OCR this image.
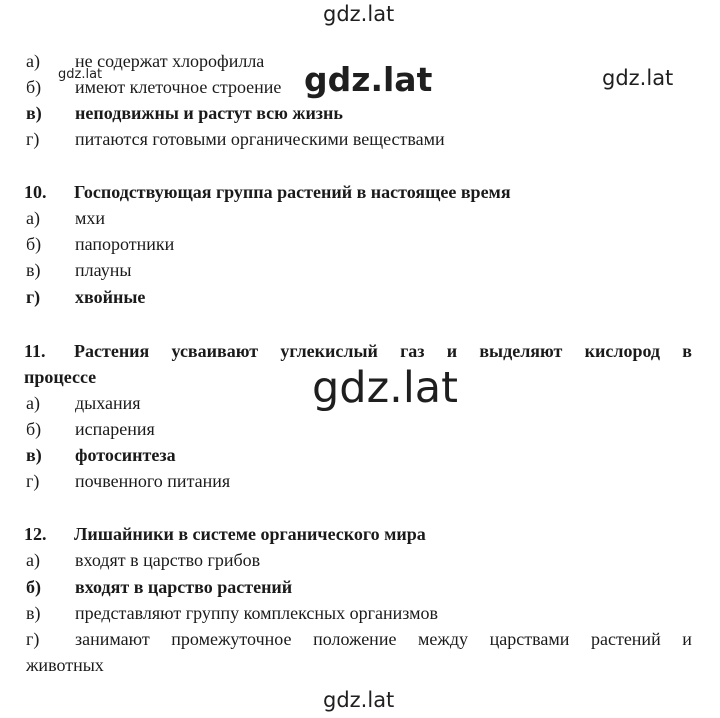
а) не содержат хлорофилла
б) имеют клеточное строение
в) неподвижны и растут всю жизнь
г) питаются готовыми органическими веществами
10. Господствующая группа растений в настоящее время
а) мхи
б) папоротники
в) плауны
г) хвойные
11.	Растения усваивают углекислый газ и выделяют кислород в
процессе
а) дыхания
б) испарения
в) фотосинтеза
г) почвенного питания
12. Лишайники в системе органического мира
а) входят в царство грибов
б) входят в царство растений
в) представляют группу комплексных организмов
г)	занимают промежуточное положение между царствами растений и
животных
gdz.lat
gdz.lat	gdz.lat	gdz.lat
gdz.lat
gdz.lat
